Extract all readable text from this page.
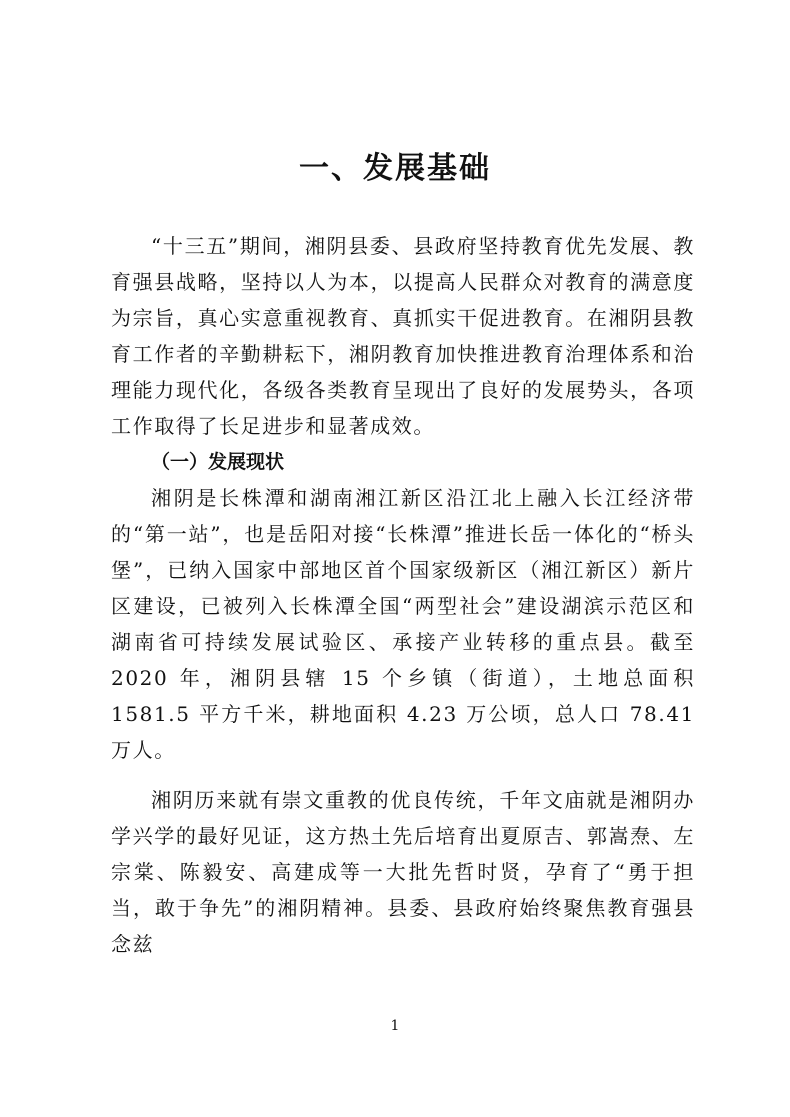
一、发展基础

“十三五”期间，湘阴县委、县政府坚持教育优先发展、教育强县战略，坚持以人为本，以提高人民群众对教育的满意度为宗旨，真心实意重视教育、真抓实干促进教育。在湘阴县教育工作者的辛勤耕耘下，湘阴教育加快推进教育治理体系和治理能力现代化，各级各类教育呈现出了良好的发展势头，各项工作取得了长足进步和显著成效。

（一）发展现状

湘阴是长株潭和湖南湘江新区沿江北上融入长江经济带的“第一站”，也是岳阳对接“长株潭”推进长岳一体化的“桥头堡”，已纳入国家中部地区首个国家级新区（湘江新区）新片区建设，已被列入长株潭全国“两型社会”建设湖滨示范区和湖南省可持续发展试验区、承接产业转移的重点县。截至 2020 年，湘阴县辖 15 个乡镇（街道），土地总面积 1581.5 平方千米，耕地面积 4.23 万公顷，总人口 78.41 万人。

湘阴历来就有崇文重教的优良传统，千年文庙就是湘阴办学兴学的最好见证，这方热土先后培育出夏原吉、郭嵩焘、左宗棠、陈毅安、高建成等一大批先哲时贤，孕育了“勇于担当，敢于争先”的湘阴精神。县委、县政府始终聚焦教育强县念兹

1
